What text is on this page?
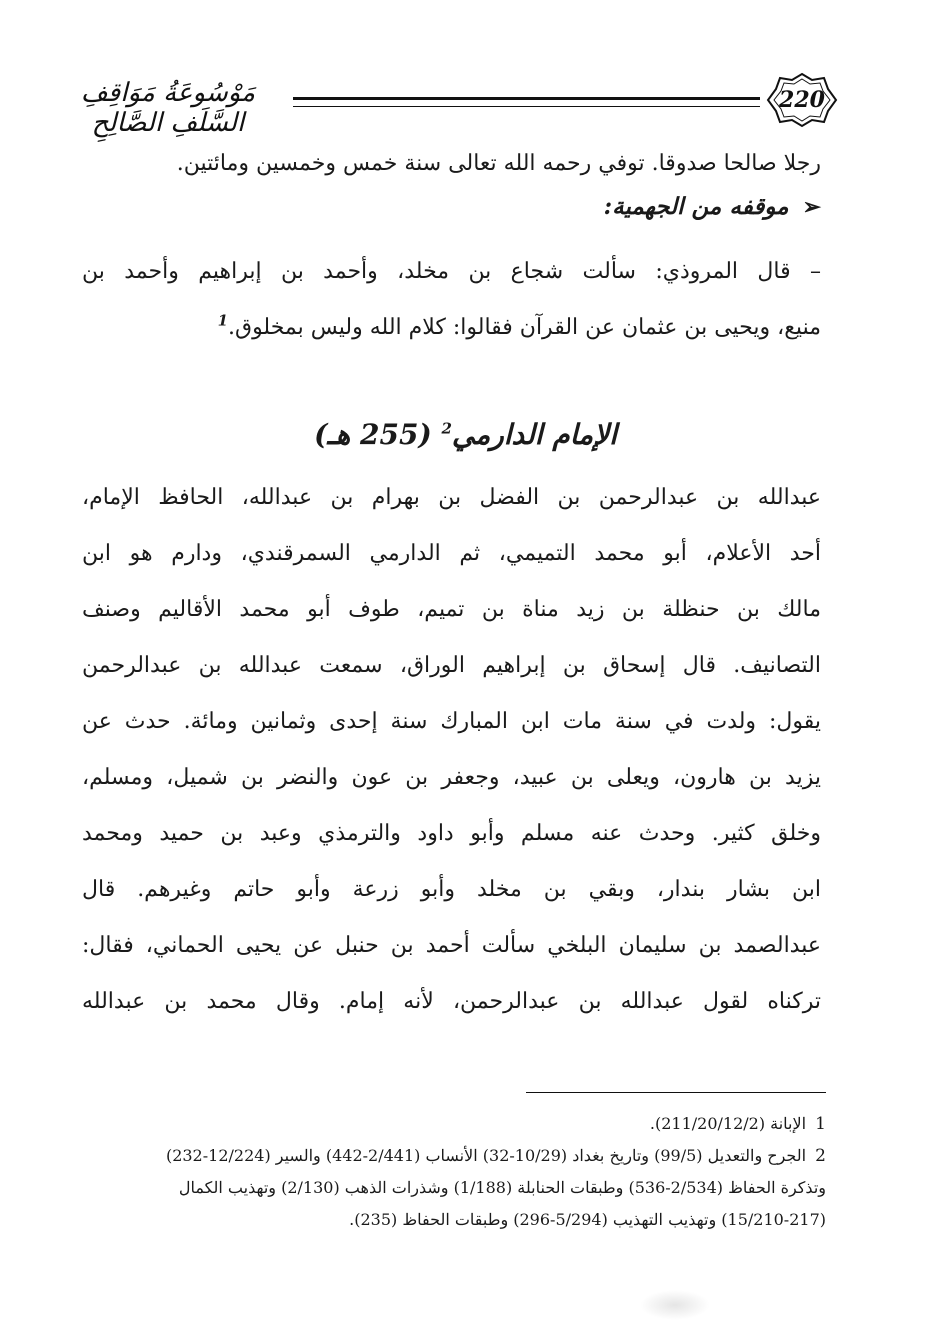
220
مَوْسُوعَةُ مَوَاقِفِ السَّلَفِ الصَّالِحِ
رجلا صالحا صدوقا. توفي رحمه الله تعالى سنة خمس وخمسين ومائتين.
➢موقفه من الجهمية:
– قال المروذي: سألت شجاع بن مخلد، وأحمد بن إبراهيم وأحمد بن
منيع، ويحيى بن عثمان عن القرآن فقالوا: كلام الله وليس بمخلوق.$^1$
الإمام الدارمي$^2$ (255 هـ)
عبدالله بن عبدالرحمن بن الفضل بن بهرام بن عبدالله، الحافظ الإمام،
أحد الأعلام، أبو محمد التميمي، ثم الدارمي السمرقندي، ودارم هو ابن
مالك بن حنظلة بن زيد مناة بن تميم، طوف أبو محمد الأقاليم وصنف
التصانيف. قال إسحاق بن إبراهيم الوراق، سمعت عبدالله بن عبدالرحمن
يقول: ولدت في سنة مات ابن المبارك سنة إحدى وثمانين ومائة. حدث عن
يزيد بن هارون، ويعلى بن عبيد، وجعفر بن عون والنضر بن شميل، ومسلم،
وخلق كثير. وحدث عنه مسلم وأبو داود والترمذي وعبد بن حميد ومحمد
ابن بشار بندار، وبقي بن مخلد وأبو زرعة وأبو حاتم وغيرهم. قال
عبدالصمد بن سليمان البلخي سألت أحمد بن حنبل عن يحيى الحماني، فقال:
تركناه لقول عبدالله بن عبدالرحمن، لأنه إمام. وقال محمد بن عبدالله
1 الإبانة (211/20/12/2).
2 الجرح والتعديل (99/5) وتاريخ بغداد (10/29-32) الأنساب (2/441-442) والسير (12/224-232)
وتذكرة الحفاظ (2/534-536) وطبقات الحنابلة (1/188) وشذرات الذهب (2/130) وتهذيب الكمال
(15/210-217) وتهذيب التهذيب (5/294-296) وطبقات الحفاظ (235).
